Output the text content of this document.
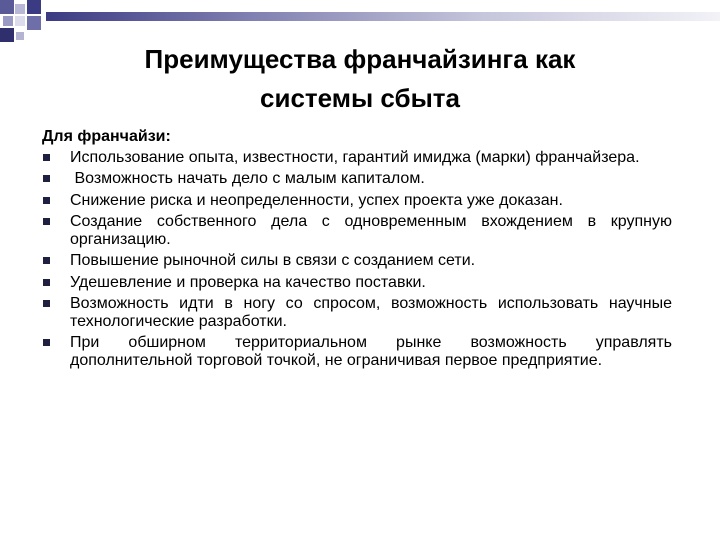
Преимущества франчайзинга как
системы сбыта
Для франчайзи:
Использование опыта, известности, гарантий имиджа (марки) франчайзера.
Возможность начать дело с малым капиталом.
Снижение риска и неопределенности, успех проекта уже доказан.
Создание собственного дела с одновременным вхождением в крупную организацию.
Повышение рыночной силы в связи с созданием сети.
Удешевление и проверка на качество поставки.
Возможность идти в ногу со спросом, возможность использовать научные технологические разработки.
При обширном территориальном рынке возможность управлять дополнительной торговой точкой, не ограничивая первое предприятие.
